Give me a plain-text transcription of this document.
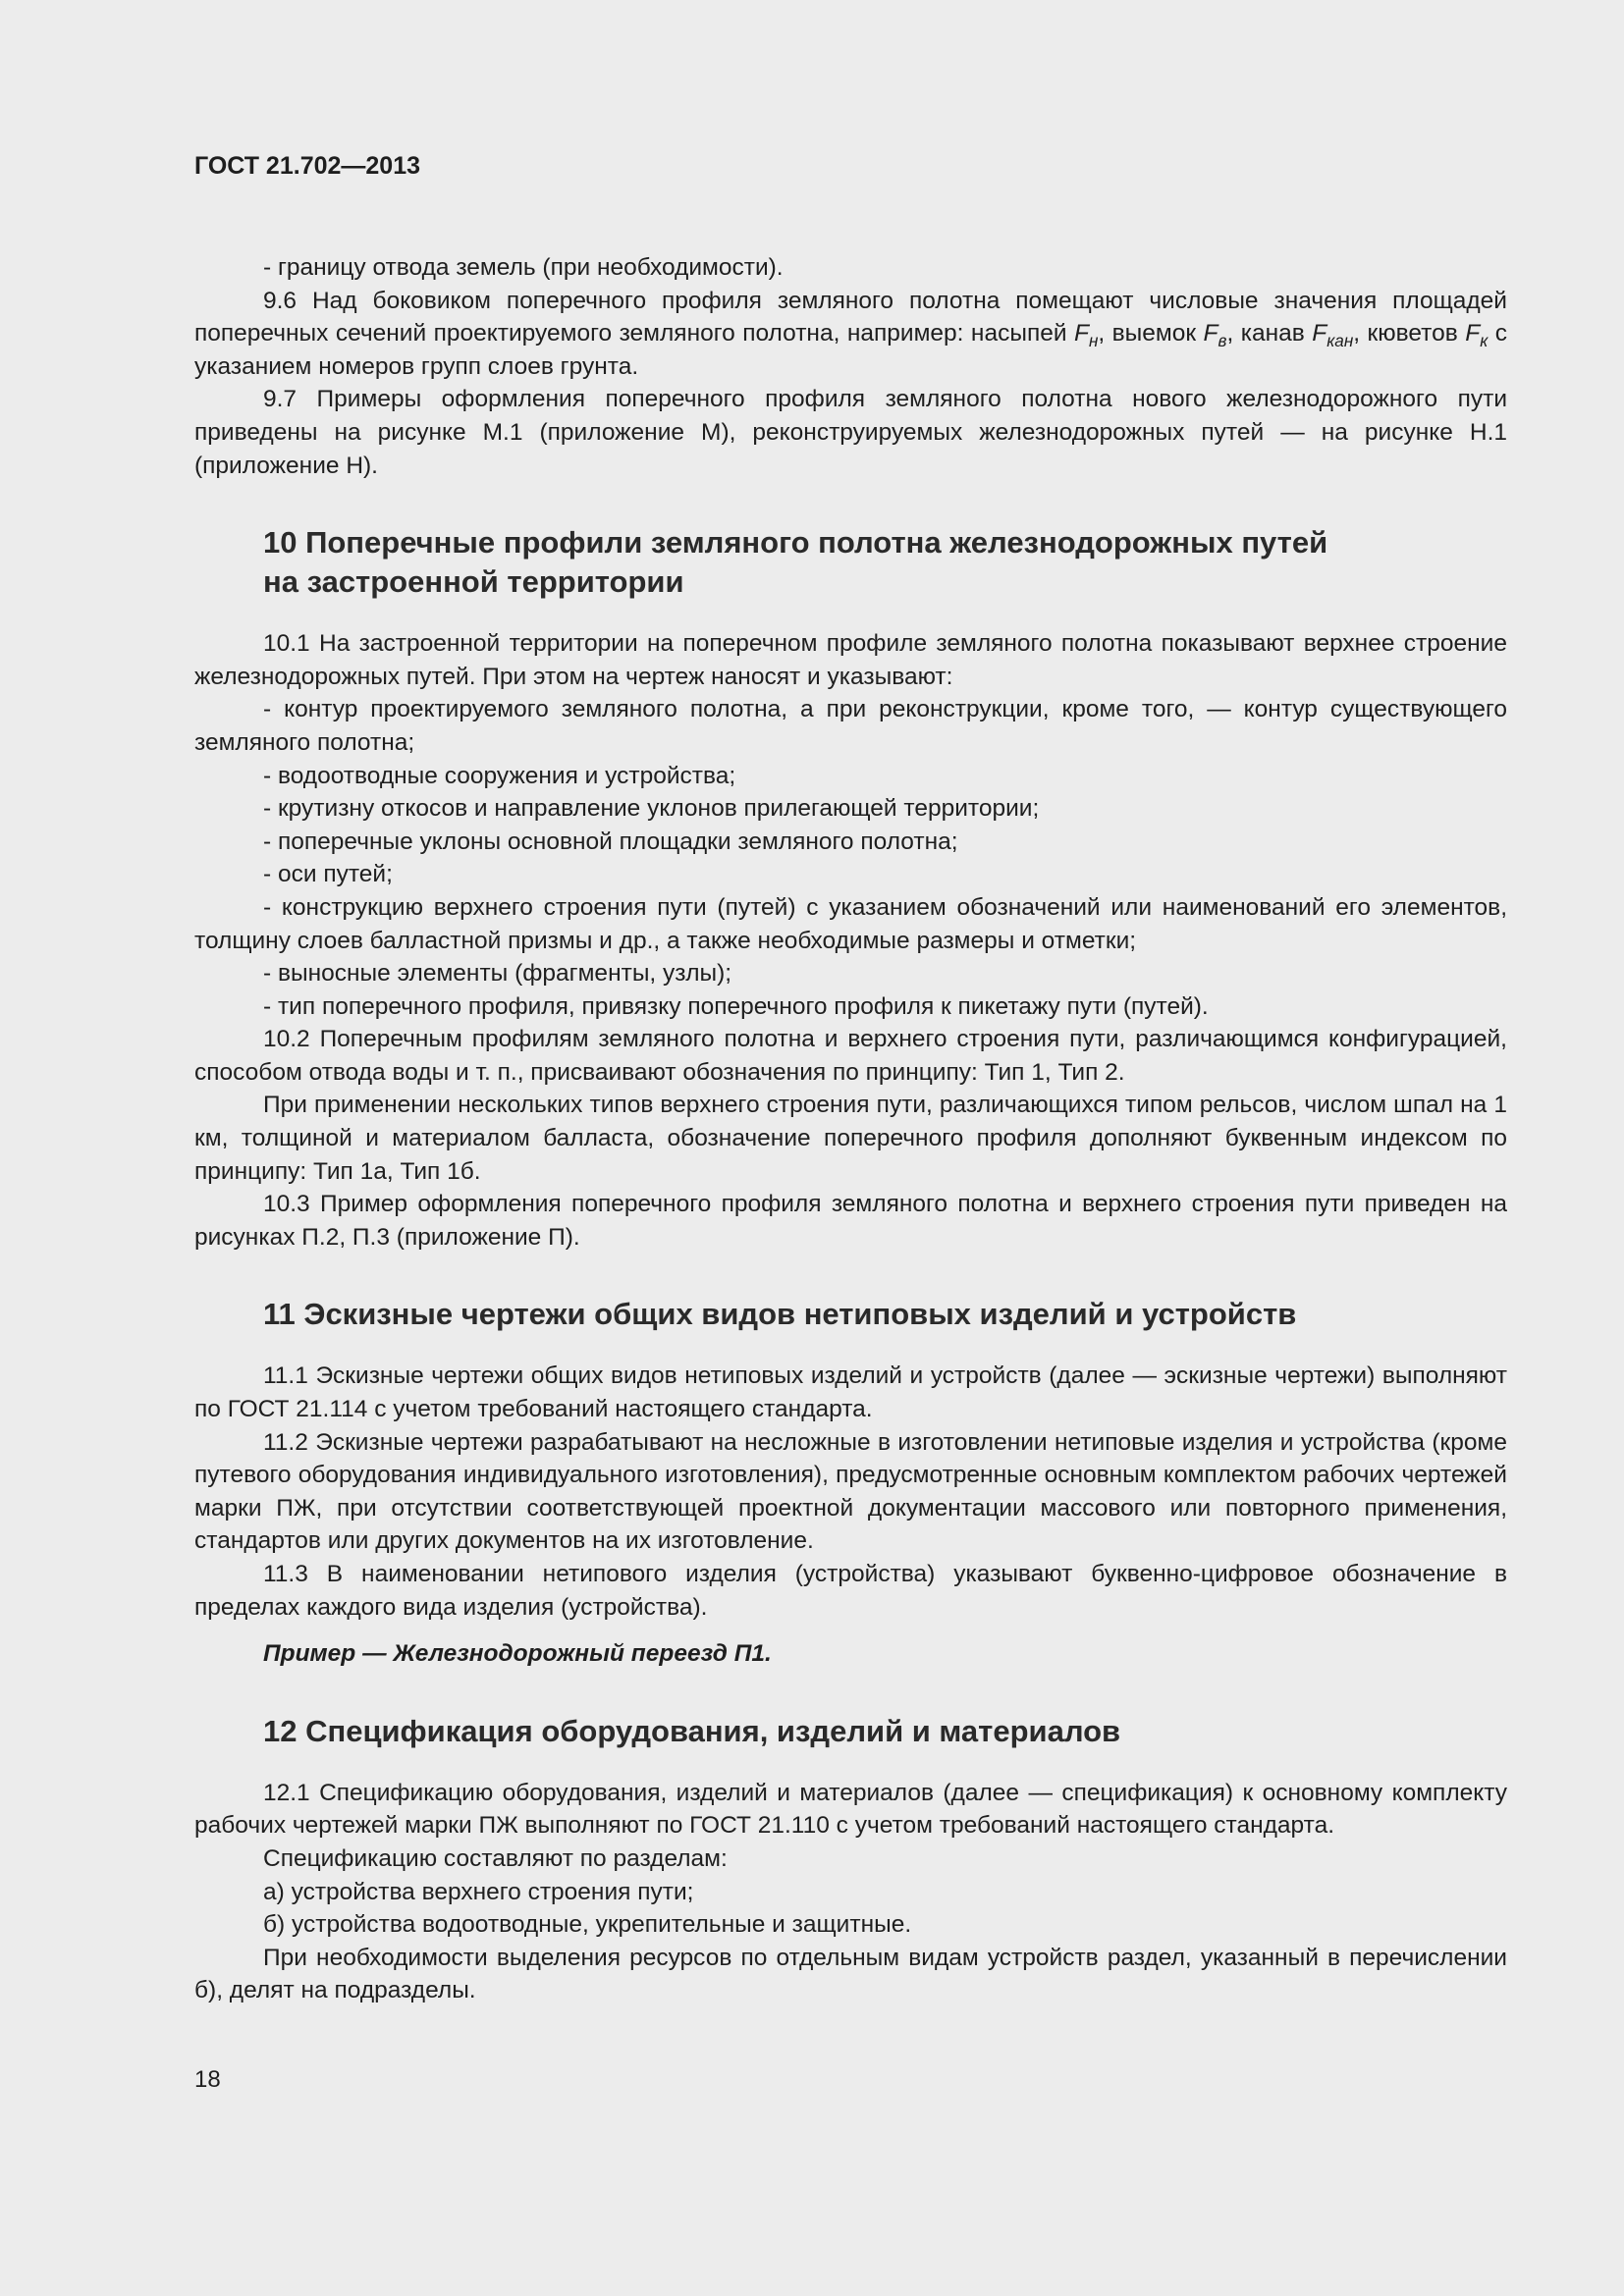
ГОСТ 21.702—2013

- границу отвода земель (при необходимости).

9.6 Над боковиком поперечного профиля земляного полотна помещают числовые значения площадей поперечных сечений проектируемого земляного полотна, например: насыпей $F_н$, выемок $F_в$, канав $F_{кан}$, кюветов $F_к$ с указанием номеров групп слоев грунта.

9.7 Примеры оформления поперечного профиля земляного полотна нового железнодорожного пути приведены на рисунке М.1 (приложение М), реконструируемых железнодорожных путей — на рисунке Н.1 (приложение Н).

10 Поперечные профили земляного полотна железнодорожных путей
на застроенной территории

10.1 На застроенной территории на поперечном профиле земляного полотна показывают верхнее строение железнодорожных путей. При этом на чертеж наносят и указывают:

- контур проектируемого земляного полотна, а при реконструкции, кроме того, — контур существующего земляного полотна;

- водоотводные сооружения и устройства;

- крутизну откосов и направление уклонов прилегающей территории;

- поперечные уклоны основной площадки земляного полотна;

- оси путей;

- конструкцию верхнего строения пути (путей) с указанием обозначений или наименований его элементов, толщину слоев балластной призмы и др., а также необходимые размеры и отметки;

- выносные элементы (фрагменты, узлы);

- тип поперечного профиля, привязку поперечного профиля к пикетажу пути (путей).

10.2 Поперечным профилям земляного полотна и верхнего строения пути, различающимся конфигурацией, способом отвода воды и т. п., присваивают обозначения по принципу: Тип 1, Тип 2.

При применении нескольких типов верхнего строения пути, различающихся типом рельсов, числом шпал на 1 км, толщиной и материалом балласта, обозначение поперечного профиля дополняют буквенным индексом по принципу: Тип 1а, Тип 1б.

10.3 Пример оформления поперечного профиля земляного полотна и верхнего строения пути приведен на рисунках П.2, П.3 (приложение П).

11 Эскизные чертежи общих видов нетиповых изделий и устройств

11.1 Эскизные чертежи общих видов нетиповых изделий и устройств (далее — эскизные чертежи) выполняют по ГОСТ 21.114 с учетом требований настоящего стандарта.

11.2 Эскизные чертежи разрабатывают на несложные в изготовлении нетиповые изделия и устройства (кроме путевого оборудования индивидуального изготовления), предусмотренные основным комплектом рабочих чертежей марки ПЖ, при отсутствии соответствующей проектной документации массового или повторного применения, стандартов или других документов на их изготовление.

11.3 В наименовании нетипового изделия (устройства) указывают буквенно-цифровое обозначение в пределах каждого вида изделия (устройства).

Пример — Железнодорожный переезд П1.

12 Спецификация оборудования, изделий и материалов

12.1 Спецификацию оборудования, изделий и материалов (далее — спецификация) к основному комплекту рабочих чертежей марки ПЖ выполняют по ГОСТ 21.110 с учетом требований настоящего стандарта.

Спецификацию составляют по разделам:

а) устройства верхнего строения пути;

б) устройства водоотводные, укрепительные и защитные.

При необходимости выделения ресурсов по отдельным видам устройств раздел, указанный в перечислении б), делят на подразделы.

18
